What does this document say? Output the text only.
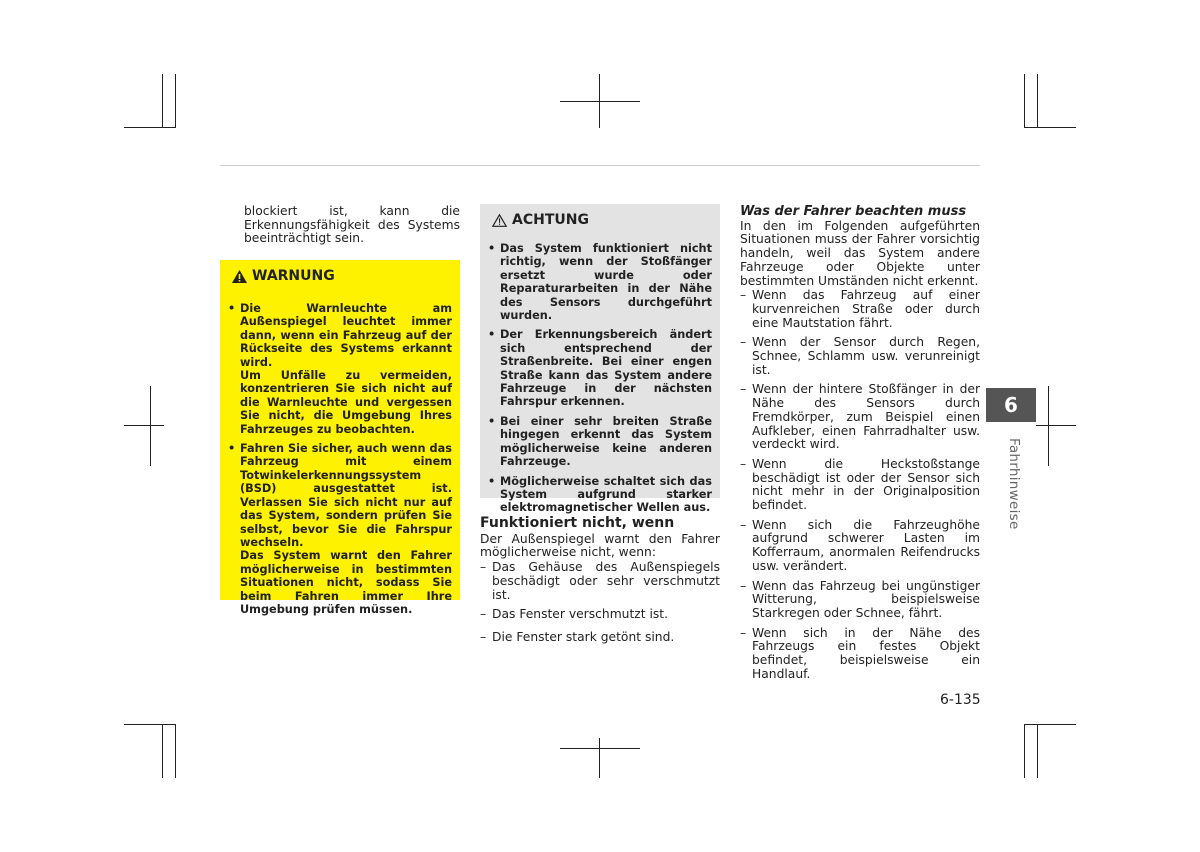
blockiert ist, kann die Erkennungsfähigkeit des Systems beeinträchtigt sein.

WARNUNG
• Die Warnleuchte am Außenspiegel leuchtet immer dann, wenn ein Fahrzeug auf der Rückseite des Systems erkannt wird.
Um Unfälle zu vermeiden, konzentrieren Sie sich nicht auf die Warnleuchte und vergessen Sie nicht, die Umgebung Ihres Fahrzeuges zu beobachten.
• Fahren Sie sicher, auch wenn das Fahrzeug mit einem Totwinkelerkennungssystem (BSD) ausgestattet ist. Verlassen Sie sich nicht nur auf das System, sondern prüfen Sie selbst, bevor Sie die Fahrspur wechseln.
Das System warnt den Fahrer möglicherweise in bestimmten Situationen nicht, sodass Sie beim Fahren immer Ihre Umgebung prüfen müssen.
ACHTUNG
• Das System funktioniert nicht richtig, wenn der Stoßfänger ersetzt wurde oder Reparaturarbeiten in der Nähe des Sensors durchgeführt wurden.
• Der Erkennungsbereich ändert sich entsprechend der Straßenbreite. Bei einer engen Straße kann das System andere Fahrzeuge in der nächsten Fahrspur erkennen.
• Bei einer sehr breiten Straße hingegen erkennt das System möglicherweise keine anderen Fahrzeuge.
• Möglicherweise schaltet sich das System aufgrund starker elektromagnetischer Wellen aus.

Funktioniert nicht, wenn

Der Außenspiegel warnt den Fahrer möglicherweise nicht, wenn:

– Das Gehäuse des Außenspiegels beschädigt oder sehr verschmutzt ist.
– Das Fenster verschmutzt ist.
– Die Fenster stark getönt sind.

Was der Fahrer beachten muss

In den im Folgenden aufgeführten Situationen muss der Fahrer vorsichtig handeln, weil das System andere Fahrzeuge oder Objekte unter bestimmten Umständen nicht erkennt.

– Wenn das Fahrzeug auf einer kurvenreichen Straße oder durch eine Mautstation fährt.
– Wenn der Sensor durch Regen, Schnee, Schlamm usw. verunreinigt ist.
– Wenn der hintere Stoßfänger in der Nähe des Sensors durch Fremdkörper, zum Beispiel einen Aufkleber, einen Fahrradhalter usw. verdeckt wird.
– Wenn die Heckstoßstange beschädigt ist oder der Sensor sich nicht mehr in der Originalposition befindet.
– Wenn sich die Fahrzeughöhe aufgrund schwerer Lasten im Kofferraum, anormalen Reifendrucks usw. verändert.
– Wenn das Fahrzeug bei ungünstiger Witterung, beispielsweise Starkregen oder Schnee, fährt.
– Wenn sich in der Nähe des Fahrzeugs ein festes Objekt befindet, beispielsweise ein Handlauf.
6
Fahrhinweise
6-135
